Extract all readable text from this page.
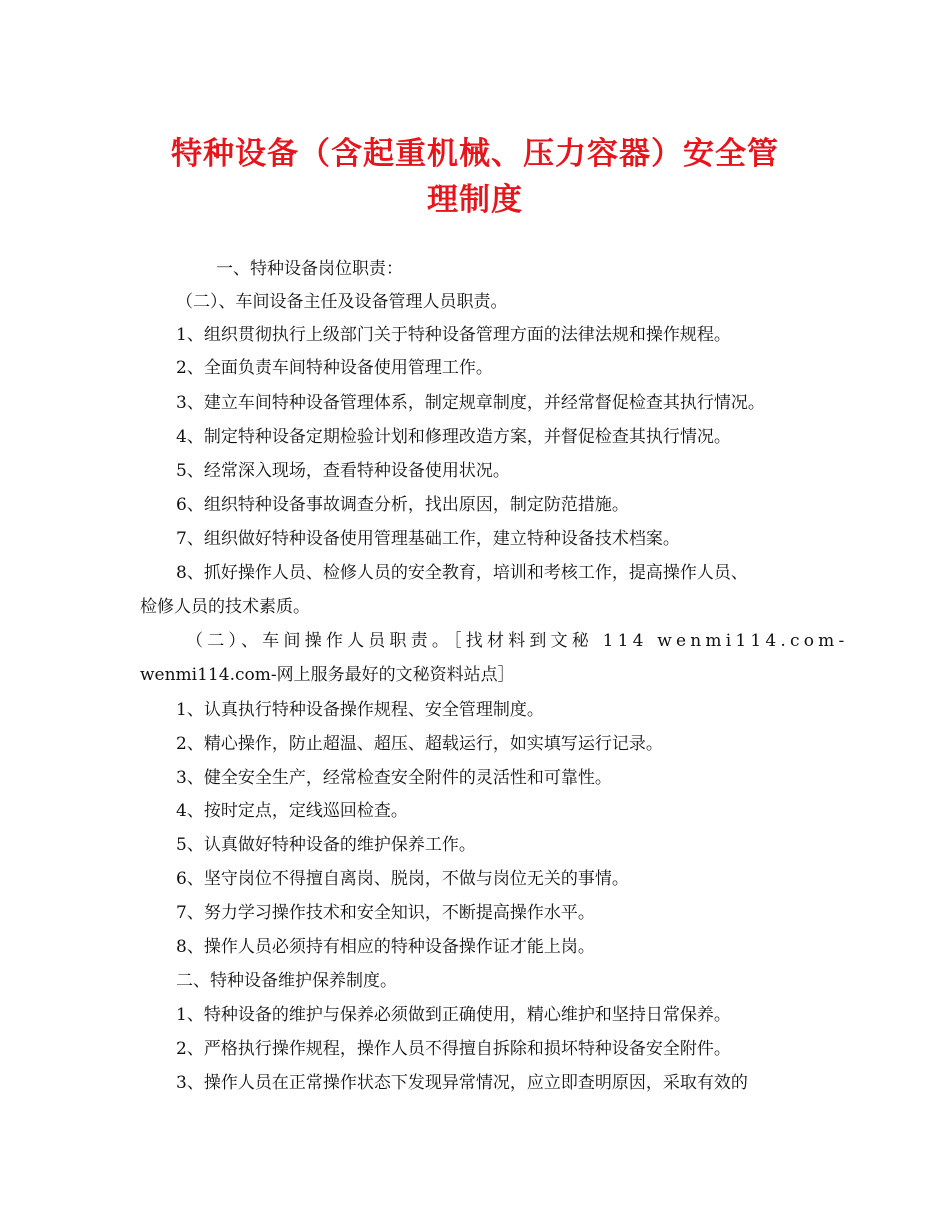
特种设备（含起重机械、压力容器）安全管
理制度
一、特种设备岗位职责：
（二）、车间设备主任及设备管理人员职责。
1、组织贯彻执行上级部门关于特种设备管理方面的法律法规和操作规程。
2、全面负责车间特种设备使用管理工作。
3、建立车间特种设备管理体系，制定规章制度，并经常督促检查其执行情况。
4、制定特种设备定期检验计划和修理改造方案，并督促检查其执行情况。
5、经常深入现场，查看特种设备使用状况。
6、组织特种设备事故调查分析，找出原因，制定防范措施。
7、组织做好特种设备使用管理基础工作，建立特种设备技术档案。
8、抓好操作人员、检修人员的安全教育，培训和考核工作，提高操作人员、
检修人员的技术素质。
（二）、车间操作人员职责。［找材料到文秘 114 wenmi114.com-
wenmi114.com-网上服务最好的文秘资料站点］
1、认真执行特种设备操作规程、安全管理制度。
2、精心操作，防止超温、超压、超载运行，如实填写运行记录。
3、健全安全生产，经常检查安全附件的灵活性和可靠性。
4、按时定点，定线巡回检查。
5、认真做好特种设备的维护保养工作。
6、坚守岗位不得擅自离岗、脱岗，不做与岗位无关的事情。
7、努力学习操作技术和安全知识，不断提高操作水平。
8、操作人员必须持有相应的特种设备操作证才能上岗。
二、特种设备维护保养制度。
1、特种设备的维护与保养必须做到正确使用，精心维护和坚持日常保养。
2、严格执行操作规程，操作人员不得擅自拆除和损坏特种设备安全附件。
3、操作人员在正常操作状态下发现异常情况，应立即查明原因，采取有效的
